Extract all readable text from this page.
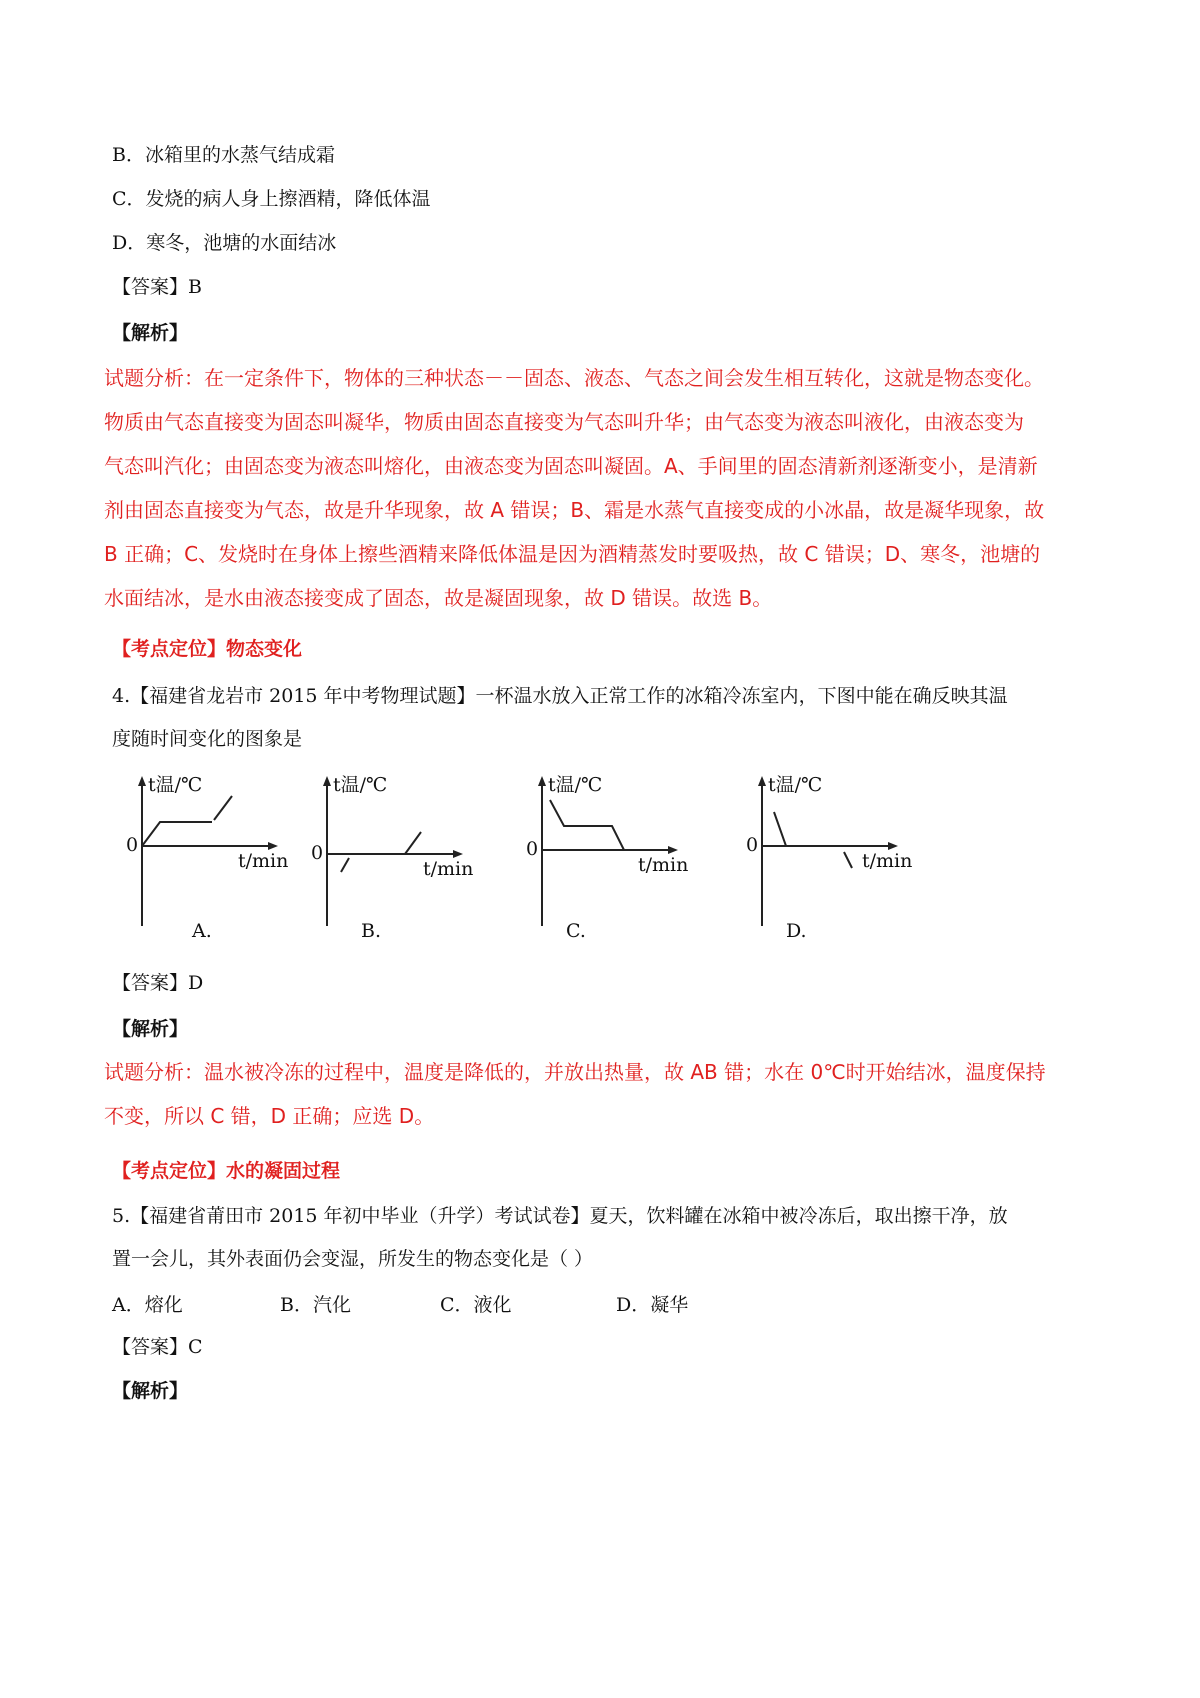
B．冰箱里的水蒸气结成霜
C．发烧的病人身上擦酒精，降低体温
D．寒冬，池塘的水面结冰
【答案】B
【解析】
试题分析：在一定条件下，物体的三种状态－－固态、液态、气态之间会发生相互转化，这就是物态变化。
物质由气态直接变为固态叫凝华，物质由固态直接变为气态叫升华；由气态变为液态叫液化，由液态变为
气态叫汽化；由固态变为液态叫熔化，由液态变为固态叫凝固。A、手间里的固态清新剂逐渐变小，是清新
剂由固态直接变为气态，故是升华现象，故 A 错误；B、霜是水蒸气直接变成的小冰晶，故是凝华现象，故
B 正确；C、发烧时在身体上擦些酒精来降低体温是因为酒精蒸发时要吸热，故 C 错误；D、寒冬，池塘的
水面结冰，是水由液态接变成了固态，故是凝固现象，故 D 错误。故选 B。
【考点定位】物态变化
4.【福建省龙岩市 2015 年中考物理试题】一杯温水放入正常工作的冰箱冷冻室内，下图中能在确反映其温
度随时间变化的图象是
t温/℃
t/min
0
A.
t温/℃
t/min
0
B.
t温/℃
t/min
0
C.
t温/℃
t/min
0
D.
【答案】D
【解析】
试题分析：温水被冷冻的过程中，温度是降低的，并放出热量，故 AB 错；水在 0℃时开始结冰，温度保持
不变，所以 C 错，D 正确；应选 D。
【考点定位】水的凝固过程
5.【福建省莆田市 2015 年初中毕业（升学）考试试卷】夏天，饮料罐在冰箱中被冷冻后，取出擦干净，放
置一会儿，其外表面仍会变湿，所发生的物态变化是（ ）
A．熔化	B．汽化	C．液化	D．凝华
【答案】C
【解析】
